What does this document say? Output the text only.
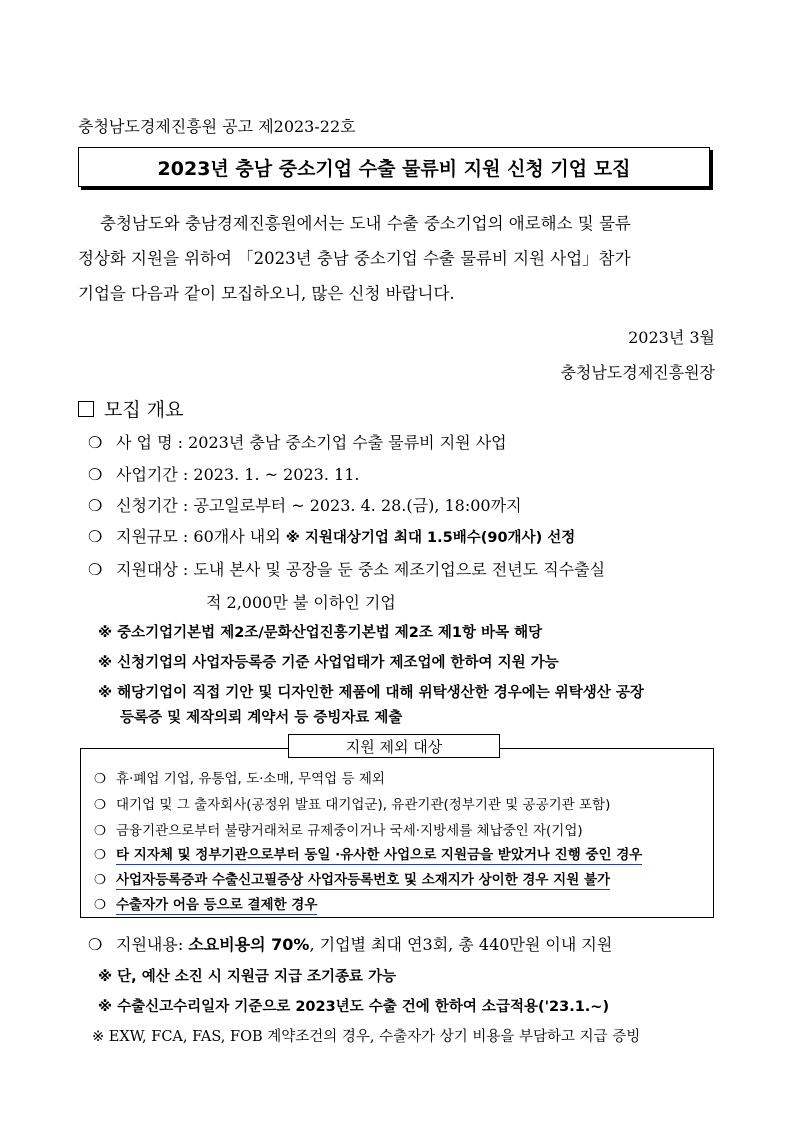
충청남도경제진흥원 공고 제2023-22호
2023년 충남 중소기업 수출 물류비 지원 신청 기업 모집
충청남도와 충남경제진흥원에서는 도내 수출 중소기업의 애로해소 및 물류
정상화 지원을 위하여 「2023년 충남 중소기업 수출 물류비 지원 사업」참가
기업을 다음과 같이 모집하오니, 많은 신청 바랍니다.
2023년 3월
충청남도경제진흥원장
모집 개요
❍ 사 업 명 : 2023년 충남 중소기업 수출 물류비 지원 사업
❍ 사업기간 : 2023. 1. ~ 2023. 11.
❍ 신청기간 : 공고일로부터 ~ 2023. 4. 28.(금), 18:00까지
❍ 지원규모 : 60개사 내외 ※ 지원대상기업 최대 1.5배수(90개사) 선정
❍ 지원대상 : 도내 본사 및 공장을 둔 중소 제조기업으로 전년도 직수출실
적 2,000만 불 이하인 기업
※ 중소기업기본법 제2조/문화산업진흥기본법 제2조 제1항 바목 해당
※ 신청기업의 사업자등록증 기준 사업업태가 제조업에 한하여 지원 가능
※ 해당기업이 직접 기안 및 디자인한 제품에 대해 위탁생산한 경우에는 위탁생산 공장
등록증 및 제작의뢰 계약서 등 증빙자료 제출
지원 제외 대상
❍ 휴·폐업 기업, 유통업, 도·소매, 무역업 등 제외
❍ 대기업 및 그 출자회사(공정위 발표 대기업군), 유관기관(정부기관 및 공공기관 포함)
❍ 금융기관으로부터 불량거래처로 규제중이거나 국세·지방세를 체납중인 자(기업)
❍ 타 지자체 및 정부기관으로부터 동일 ·유사한 사업으로 지원금을 받았거나 진행 중인 경우
❍ 사업자등록증과 수출신고필증상 사업자등록번호 및 소재지가 상이한 경우 지원 불가
❍ 수출자가 어음 등으로 결제한 경우
❍ 지원내용: 소요비용의 70%, 기업별 최대 연3회, 총 440만원 이내 지원
※ 단, 예산 소진 시 지원금 지급 조기종료 가능
※ 수출신고수리일자 기준으로 2023년도 수출 건에 한하여 소급적용('23.1.~)
※ EXW, FCA, FAS, FOB 계약조건의 경우, 수출자가 상기 비용을 부담하고 지급 증빙
